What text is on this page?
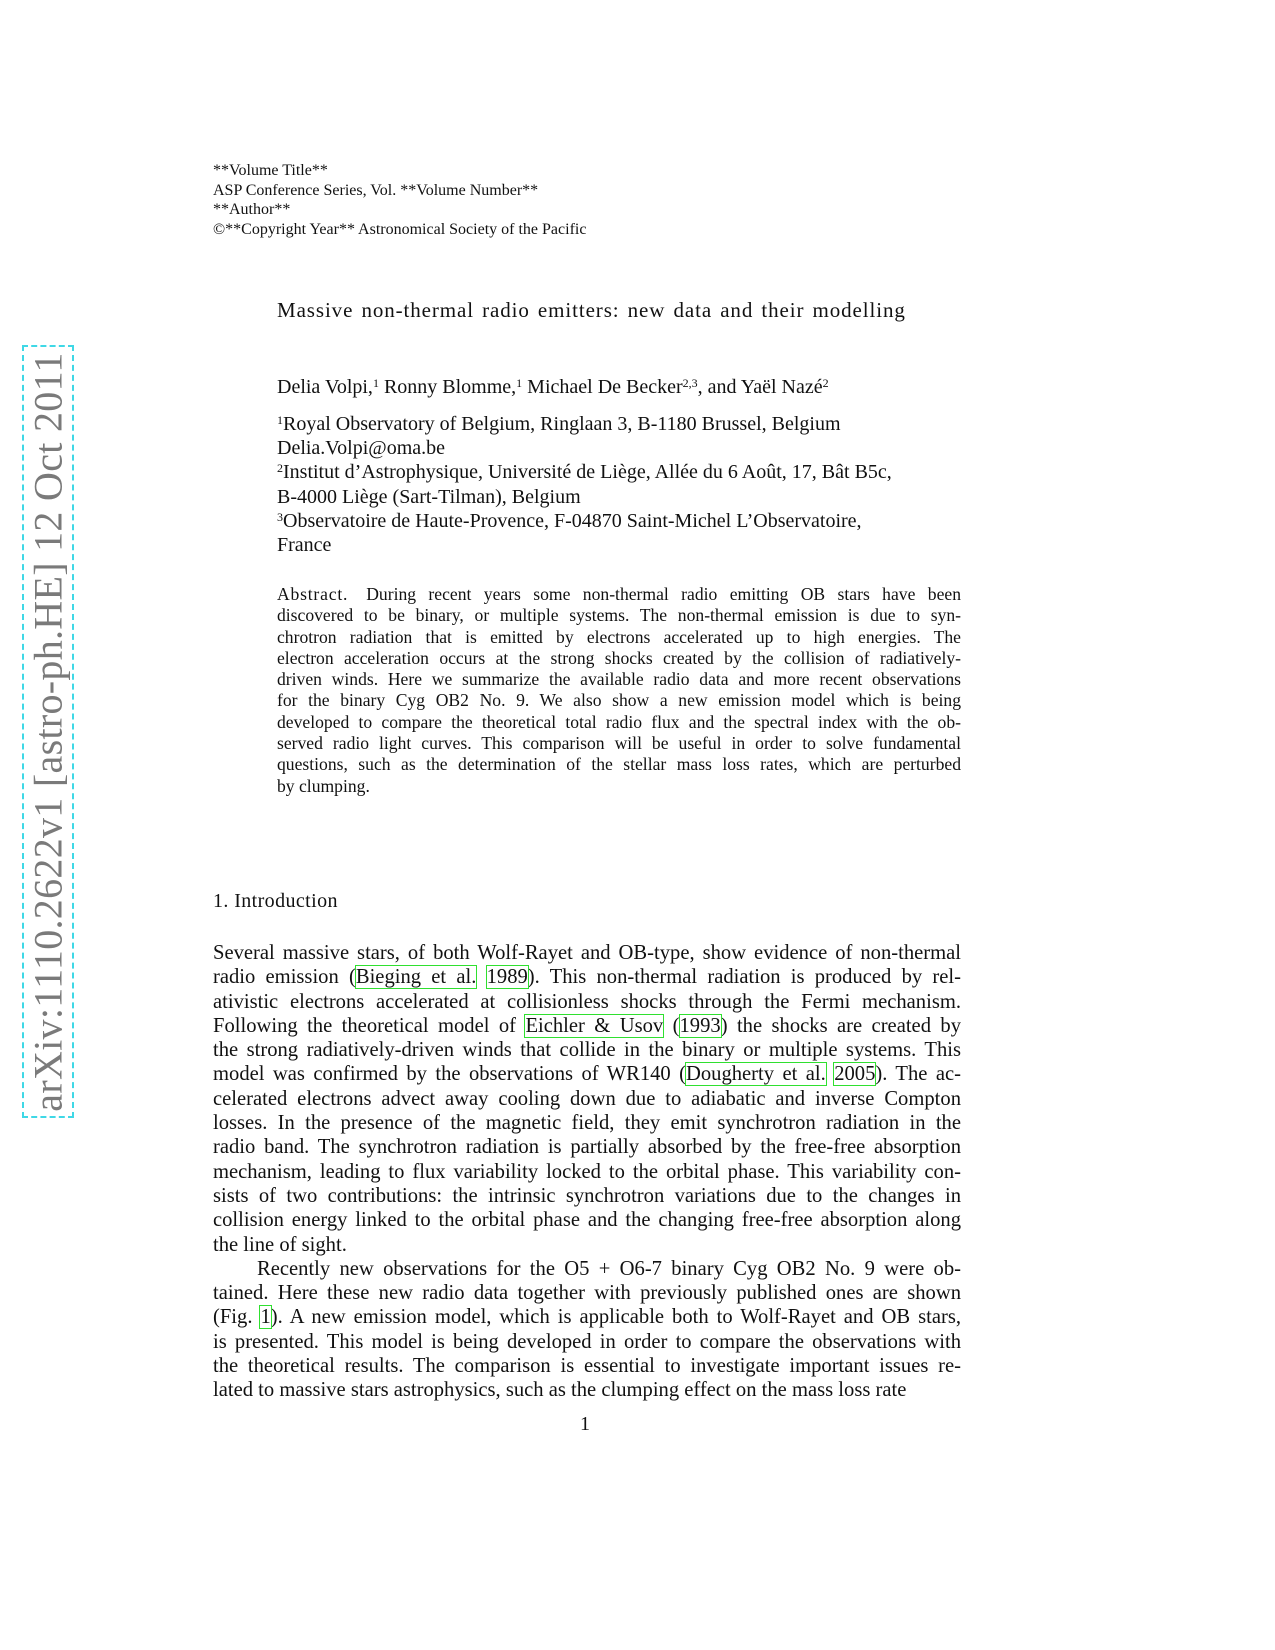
arXiv:1110.2622v1 [astro-ph.HE] 12 Oct 2011
**Volume Title**
ASP Conference Series, Vol. **Volume Number**
**Author**
©**Copyright Year** Astronomical Society of the Pacific
Massive non-thermal radio emitters: new data and their modelling
Delia Volpi,$^1$ Ronny Blomme,$^1$ Michael De Becker$^{2,3}$, and Yaël Nazé$^2$
$^1$Royal Observatory of Belgium, Ringlaan 3, B-1180 Brussel, Belgium
Delia.Volpi@oma.be
$^2$Institut d’Astrophysique, Université de Liège, Allée du 6 Août, 17, Bât B5c,
B-4000 Liège (Sart-Tilman), Belgium
$^3$Observatoire de Haute-Provence, F-04870 Saint-Michel L’Observatoire,
France
Abstract. During recent years some non-thermal radio emitting OB stars have been
discovered to be binary, or multiple systems. The non-thermal emission is due to syn-
chrotron radiation that is emitted by electrons accelerated up to high energies. The
electron acceleration occurs at the strong shocks created by the collision of radiatively-
driven winds. Here we summarize the available radio data and more recent observations
for the binary Cyg OB2 No. 9. We also show a new emission model which is being
developed to compare the theoretical total radio flux and the spectral index with the ob-
served radio light curves. This comparison will be useful in order to solve fundamental
questions, such as the determination of the stellar mass loss rates, which are perturbed
by clumping.
1. Introduction
Several massive stars, of both Wolf-Rayet and OB-type, show evidence of non-thermal
radio emission (Bieging et al. 1989). This non-thermal radiation is produced by rel-
ativistic electrons accelerated at collisionless shocks through the Fermi mechanism.
Following the theoretical model of Eichler & Usov (1993) the shocks are created by
the strong radiatively-driven winds that collide in the binary or multiple systems. This
model was confirmed by the observations of WR140 (Dougherty et al. 2005). The ac-
celerated electrons advect away cooling down due to adiabatic and inverse Compton
losses. In the presence of the magnetic field, they emit synchrotron radiation in the
radio band. The synchrotron radiation is partially absorbed by the free-free absorption
mechanism, leading to flux variability locked to the orbital phase. This variability con-
sists of two contributions: the intrinsic synchrotron variations due to the changes in
collision energy linked to the orbital phase and the changing free-free absorption along
the line of sight.
Recently new observations for the O5 + O6-7 binary Cyg OB2 No. 9 were ob-
tained. Here these new radio data together with previously published ones are shown
(Fig. 1). A new emission model, which is applicable both to Wolf-Rayet and OB stars,
is presented. This model is being developed in order to compare the observations with
the theoretical results. The comparison is essential to investigate important issues re-
lated to massive stars astrophysics, such as the clumping effect on the mass loss rate
1
